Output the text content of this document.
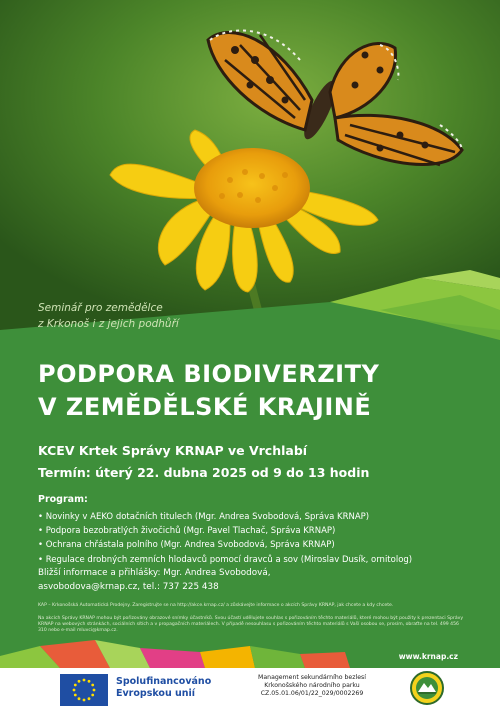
Seminář pro zemědělce
z Krkonoš i z jejich podhůří
PODPORA BIODIVERZITY
V ZEMĚDĚLSKÉ KRAJINĚ
KCEV Krtek Správy KRNAP ve Vrchlabí
Termín: úterý 22. dubna 2025 od 9 do 13 hodin
Program:
• Novinky v AEKO dotačních titulech (Mgr. Andrea Svobodová, Správa KRNAP)
• Podpora bezobratlých živočichů (Mgr. Pavel Tlachač, Správa KRNAP)
• Ochrana chřástala polního (Mgr. Andrea Svobodová, Správa KRNAP)
• Regulace drobných zemních hlodavců pomocí dravců a sov (Miroslav Dusík, ornitolog)
Bližší informace a přihlášky: Mgr. Andrea Svobodová,
asvobodova@krnap.cz, tel.: 737 225 438
KAP – Krkonošská Automatická Prodejny. Zaregistrujte se na http://akce.krnap.cz/ a zůskávejte informace o akcích Správy KRNAP, jak chcete a kdy chcete.
Na akcích Správy KRNAP mohou být pořizovány obrazové snímky účastníků. Svou účastí udělujete souhlas s pořizováním těchto materiálů, které mohou být použity k prezentaci Správy KRNAP na webových stránkách, sociálních sítích a v propagačních materiálech. V případě nesouhlasu s pořizováním těchto materiálů s Vaší osobou se, prosím, obraťte na tel. 499 456 310 nebo e-mail mluvci@krnap.cz.
www.krnap.cz
Spolufinancováno
Evropskou unií
Management sekundárního bezlesí
Krkonošského národního parku
CZ.05.01.06/01/22_029/0002269
